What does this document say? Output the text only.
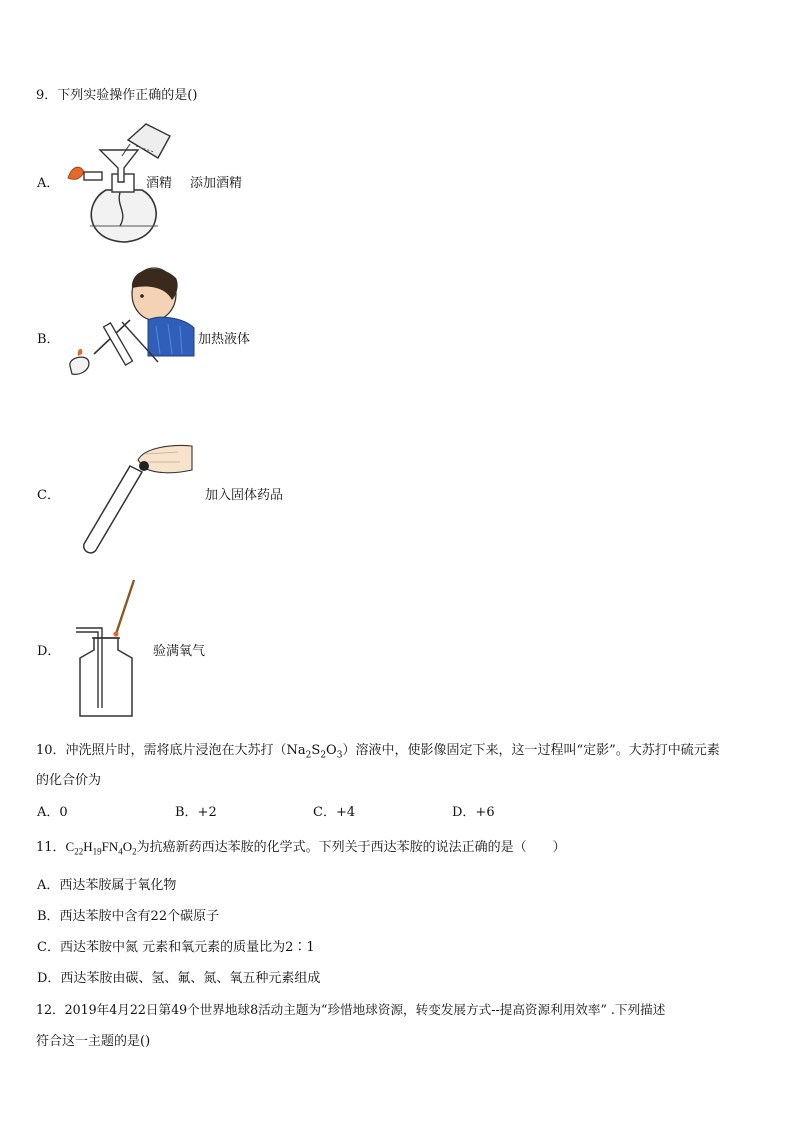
9．下列实验操作正确的是()
A．	酒精 添加酒精
B．	加热液体
C．	加入固体药品
D．	验满氧气
10．冲洗照片时，需将底片浸泡在大苏打$(Na_2S_2O_3)$溶液中，使影像固定下来，这一过程叫“定影”。大苏打中硫元素
的化合价为
A．0	B．+2	C．+4	D．+6
11．$C_{22}H_{19}FN_4O_2$为抗癌新药西达苯胺的化学式。下列关于西达苯胺的说法正确的是（　　）
A．西达苯胺属于氧化物
B．西达苯胺中含有22个碳原子
C．西达苯胺中氮 元素和氧元素的质量比为2∶1
D．西达苯胺由碳、氢、氟、氮、氧五种元素组成
12．2019年4月22日第49个世界地球8活动主题为“珍惜地球资源，转变发展方式--提高资源利用效率” .下列描述
符合这一主题的是()
